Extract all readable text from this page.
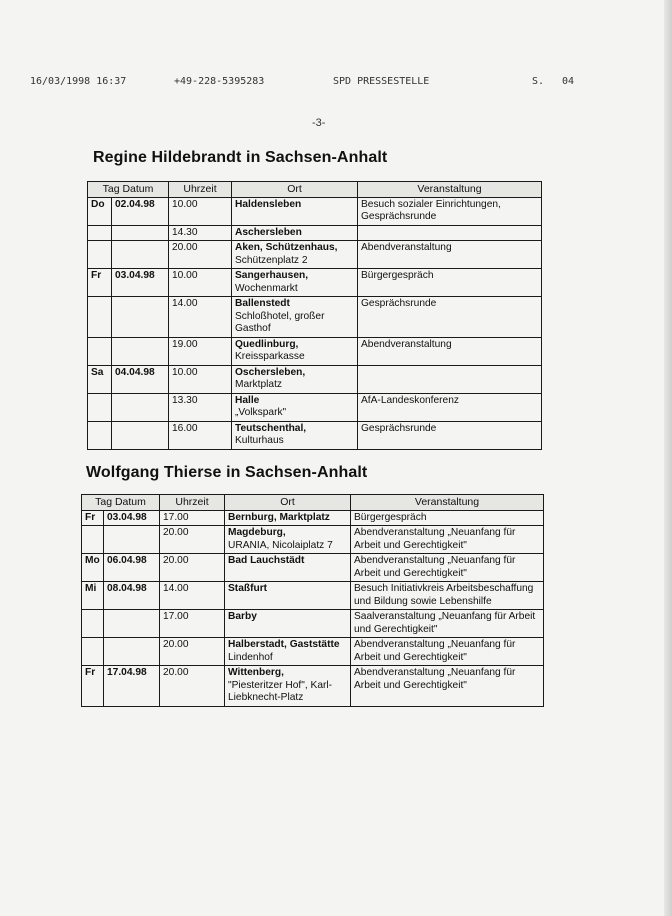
16/03/1998 16:37	+49-228-5395283	SPD PRESSESTELLE	S. 04
-3-
Regine Hildebrandt in Sachsen-Anhalt
Tag Datum		Uhrzeit	Ort	Veranstaltung
Do	02.04.98	10.00	Haldensleben	Besuch sozialer Einrichtungen, Gesprächsrunde
		14.30	Aschersleben

		20.00	Aken, Schützenhaus,
Schützenplatz 2	Abendveranstaltung
Fr	03.04.98	10.00	Sangerhausen,
Wochenmarkt	Bürgergespräch
		14.00	Ballenstedt
Schloßhotel, großer Gasthof	Gesprächsrunde
		19.00	Quedlinburg,
Kreissparkasse	Abendveranstaltung
Sa	04.04.98	10.00	Oschersleben,
Marktplatz	

		13.30	Halle
„Volkspark"	AfA-Landeskonferenz
		16.00	Teutschenthal,
Kulturhaus	Gesprächsrunde
Wolfgang Thierse in Sachsen-Anhalt
Tag Datum		Uhrzeit	Ort	Veranstaltung
Fr	03.04.98	17.00	Bernburg, Marktplatz	Bürgergespräch
		20.00	Magdeburg,
URANIA, Nicolaiplatz 7	Abendveranstaltung „Neuanfang für Arbeit und Gerechtigkeit"
Mo	06.04.98	20.00	Bad Lauchstädt	Abendveranstaltung „Neuanfang für Arbeit und Gerechtigkeit"
Mi	08.04.98	14.00	Staßfurt	Besuch Initiativkreis Arbeitsbeschaffung und Bildung sowie Lebenshilfe
		17.00	Barby	Saalveranstaltung „Neuanfang für Arbeit und Gerechtigkeit"
		20.00	Halberstadt, Gaststätte
Lindenhof	Abendveranstaltung „Neuanfang für Arbeit und Gerechtigkeit"
Fr	17.04.98	20.00	Wittenberg,
"Piesteritzer Hof", Karl-Liebknecht-Platz	Abendveranstaltung „Neuanfang für Arbeit und Gerechtigkeit"
